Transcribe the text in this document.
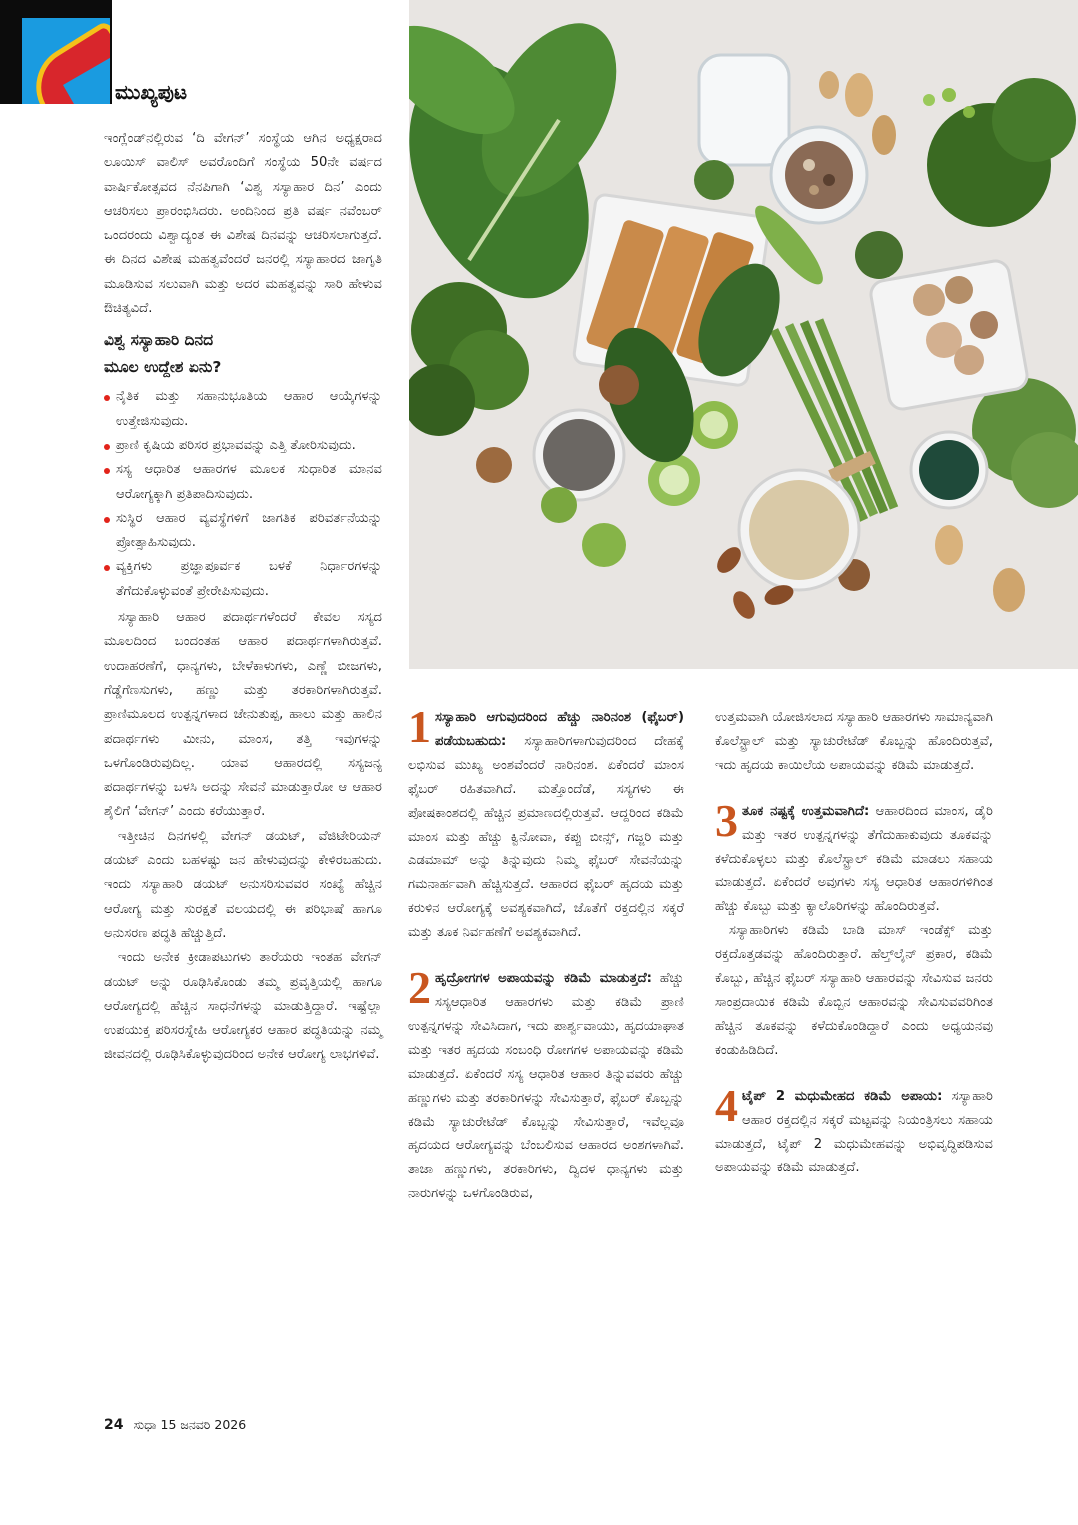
ಮುಖ್ಯಪುಟ

ಇಂಗ್ಲೆಂಡ್‌ನಲ್ಲಿರುವ ‘ದಿ ವೇಗನ್’ ಸಂಸ್ಥೆಯ ಆಗಿನ ಅಧ್ಯಕ್ಷರಾದ ಲೂಯಿಸ್ ವಾಲಿಸ್ ಅವರೊಂದಿಗೆ ಸಂಸ್ಥೆಯ 50ನೇ ವರ್ಷದ ವಾರ್ಷಿಕೋತ್ಸವದ ನೆನಪಿಗಾಗಿ ‘ವಿಶ್ವ ಸಸ್ಯಾಹಾರ ದಿನ’ ಎಂದು ಆಚರಿಸಲು ಪ್ರಾರಂಭಿಸಿದರು. ಅಂದಿನಿಂದ ಪ್ರತಿ ವರ್ಷ ನವೆಂಬರ್ ಒಂದರಂದು ವಿಶ್ವಾದ್ಯಂತ ಈ ವಿಶೇಷ ದಿನವನ್ನು ಆಚರಿಸಲಾಗುತ್ತದೆ. ಈ ದಿನದ ವಿಶೇಷ ಮಹತ್ವವೆಂದರೆ ಜನರಲ್ಲಿ ಸಸ್ಯಾಹಾರದ ಜಾಗೃತಿ ಮೂಡಿಸುವ ಸಲುವಾಗಿ ಮತ್ತು ಅದರ ಮಹತ್ವವನ್ನು ಸಾರಿ ಹೇಳುವ ಔಚಿತ್ಯವಿದೆ.

ವಿಶ್ವ ಸಸ್ಯಾಹಾರಿ ದಿನದ
ಮೂಲ ಉದ್ದೇಶ ಏನು?
ನೈತಿಕ ಮತ್ತು ಸಹಾನುಭೂತಿಯ ಆಹಾರ ಆಯ್ಕೆಗಳನ್ನು ಉತ್ತೇಜಿಸುವುದು.
ಪ್ರಾಣಿ ಕೃಷಿಯ ಪರಿಸರ ಪ್ರಭಾವವನ್ನು ಎತ್ತಿ ತೋರಿಸುವುದು.
ಸಸ್ಯ ಆಧಾರಿತ ಆಹಾರಗಳ ಮೂಲಕ ಸುಧಾರಿತ ಮಾನವ ಆರೋಗ್ಯಕ್ಕಾಗಿ ಪ್ರತಿಪಾದಿಸುವುದು.
ಸುಸ್ಥಿರ ಆಹಾರ ವ್ಯವಸ್ಥೆಗಳಿಗೆ ಜಾಗತಿಕ ಪರಿವರ್ತನೆಯನ್ನು ಪ್ರೋತ್ಸಾಹಿಸುವುದು.
ವ್ಯಕ್ತಿಗಳು ಪ್ರಜ್ಞಾಪೂರ್ವಕ ಬಳಕೆ ನಿರ್ಧಾರಗಳನ್ನು ತೆಗೆದುಕೊಳ್ಳುವಂತೆ ಪ್ರೇರೇಪಿಸುವುದು.

ಸಸ್ಯಾಹಾರಿ ಆಹಾರ ಪದಾರ್ಥಗಳೆಂದರೆ ಕೇವಲ ಸಸ್ಯದ ಮೂಲದಿಂದ ಬಂದಂತಹ ಆಹಾರ ಪದಾರ್ಥಗಳಾಗಿರುತ್ತವೆ. ಉದಾಹರಣೆಗೆ, ಧಾನ್ಯಗಳು, ಬೇಳೆಕಾಳುಗಳು, ಎಣ್ಣೆ ಬೀಜಗಳು, ಗೆಡ್ಡೆಗೆಣಸುಗಳು, ಹಣ್ಣು ಮತ್ತು ತರಕಾರಿಗಳಾಗಿರುತ್ತವೆ. ಪ್ರಾಣಿಮೂಲದ ಉತ್ಪನ್ನಗಳಾದ ಜೇನುತುಪ್ಪ, ಹಾಲು ಮತ್ತು ಹಾಲಿನ ಪದಾರ್ಥಗಳು ಮೀನು, ಮಾಂಸ, ತತ್ತಿ ಇವುಗಳನ್ನು ಒಳಗೊಂಡಿರುವುದಿಲ್ಲ. ಯಾವ ಆಹಾರದಲ್ಲಿ ಸಸ್ಯಜನ್ಯ ಪದಾರ್ಥಗಳನ್ನು ಬಳಸಿ ಅದನ್ನು ಸೇವನೆ ಮಾಡುತ್ತಾರೋ ಆ ಆಹಾರ ಶೈಲಿಗೆ ‘ವೇಗನ್’ ಎಂದು ಕರೆಯುತ್ತಾರೆ.

ಇತ್ತೀಚಿನ ದಿನಗಳಲ್ಲಿ ವೇಗನ್ ಡಯಟ್, ವೆಜಿಟೇರಿಯನ್ ಡಯಟ್ ಎಂದು ಬಹಳಷ್ಟು ಜನ ಹೇಳುವುದನ್ನು ಕೇಳಿರಬಹುದು. ಇಂದು ಸಸ್ಯಾಹಾರಿ ಡಯಟ್ ಅನುಸರಿಸುವವರ ಸಂಖ್ಯೆ ಹೆಚ್ಚಿನ ಆರೋಗ್ಯ ಮತ್ತು ಸುರಕ್ಷತೆ ವಲಯದಲ್ಲಿ ಈ ಪರಿಭಾಷೆ ಹಾಗೂ ಅನುಸರಣ ಪದ್ಧತಿ ಹೆಚ್ಚುತ್ತಿದೆ.

ಇಂದು ಅನೇಕ ಕ್ರೀಡಾಪಟುಗಳು ತಾರೆಯರು ಇಂತಹ ವೇಗನ್ ಡಯಟ್ ಅನ್ನು ರೂಢಿಸಿಕೊಂಡು ತಮ್ಮ ಪ್ರವೃತ್ತಿಯಲ್ಲಿ ಹಾಗೂ ಆರೋಗ್ಯದಲ್ಲಿ ಹೆಚ್ಚಿನ ಸಾಧನೆಗಳನ್ನು ಮಾಡುತ್ತಿದ್ದಾರೆ. ಇಷ್ಟೆಲ್ಲಾ ಉಪಯುಕ್ತ ಪರಿಸರಸ್ನೇಹಿ ಆರೋಗ್ಯಕರ ಆಹಾರ ಪದ್ಧತಿಯನ್ನು ನಮ್ಮ ಜೀವನದಲ್ಲಿ ರೂಢಿಸಿಕೊಳ್ಳುವುದರಿಂದ ಅನೇಕ ಆರೋಗ್ಯ ಲಾಭಗಳಿವೆ.

1 ಸಸ್ಯಾಹಾರಿ ಆಗುವುದರಿಂದ ಹೆಚ್ಚು ನಾರಿನಂಶ (ಫೈಬರ್) ಪಡೆಯಬಹುದು: ಸಸ್ಯಾಹಾರಿಗಳಾಗುವುದರಿಂದ ದೇಹಕ್ಕೆ ಲಭಿಸುವ ಮುಖ್ಯ ಅಂಶವೆಂದರೆ ನಾರಿನಂಶ. ಏಕೆಂದರೆ ಮಾಂಸ ಫೈಬರ್ ರಹಿತವಾಗಿದೆ. ಮತ್ತೊಂದೆಡೆ, ಸಸ್ಯಗಳು ಈ ಪೋಷಕಾಂಶದಲ್ಲಿ ಹೆಚ್ಚಿನ ಪ್ರಮಾಣದಲ್ಲಿರುತ್ತವೆ. ಆದ್ದರಿಂದ ಕಡಿಮೆ ಮಾಂಸ ಮತ್ತು ಹೆಚ್ಚು ಕ್ವಿನೋವಾ, ಕಪ್ಪು ಬೀನ್ಸ್, ಗಜ್ಜರಿ ಮತ್ತು ಎಡಮಾಮ್ ಅನ್ನು ತಿನ್ನುವುದು ನಿಮ್ಮ ಫೈಬರ್ ಸೇವನೆಯನ್ನು ಗಮನಾರ್ಹವಾಗಿ ಹೆಚ್ಚಿಸುತ್ತದೆ. ಆಹಾರದ ಫೈಬರ್ ಹೃದಯ ಮತ್ತು ಕರುಳಿನ ಆರೋಗ್ಯಕ್ಕೆ ಅವಶ್ಯಕವಾಗಿದೆ, ಜೊತೆಗೆ ರಕ್ತದಲ್ಲಿನ ಸಕ್ಕರೆ ಮತ್ತು ತೂಕ ನಿರ್ವಹಣೆಗೆ ಅವಶ್ಯಕವಾಗಿದೆ.

2 ಹೃದ್ರೋಗಗಳ ಅಪಾಯವನ್ನು ಕಡಿಮೆ ಮಾಡುತ್ತದೆ: ಹೆಚ್ಚು ಸಸ್ಯಆಧಾರಿತ ಆಹಾರಗಳು ಮತ್ತು ಕಡಿಮೆ ಪ್ರಾಣಿ ಉತ್ಪನ್ನಗಳನ್ನು ಸೇವಿಸಿದಾಗ, ಇದು ಪಾರ್ಶ್ವವಾಯು, ಹೃದಯಾಘಾತ ಮತ್ತು ಇತರ ಹೃದಯ ಸಂಬಂಧಿ ರೋಗಗಳ ಅಪಾಯವನ್ನು ಕಡಿಮೆ ಮಾಡುತ್ತದೆ. ಏಕೆಂದರೆ ಸಸ್ಯ ಆಧಾರಿತ ಆಹಾರ ತಿನ್ನುವವರು ಹೆಚ್ಚು ಹಣ್ಣುಗಳು ಮತ್ತು ತರಕಾರಿಗಳನ್ನು ಸೇವಿಸುತ್ತಾರೆ, ಫೈಬರ್ ಕೊಬ್ಬನ್ನು ಕಡಿಮೆ ಸ್ಯಾಚುರೇಟೆಡ್ ಕೊಬ್ಬನ್ನು ಸೇವಿಸುತ್ತಾರೆ, ಇವೆಲ್ಲವೂ ಹೃದಯದ ಆರೋಗ್ಯವನ್ನು ಬೆಂಬಲಿಸುವ ಆಹಾರದ ಅಂಶಗಳಾಗಿವೆ. ತಾಜಾ ಹಣ್ಣುಗಳು, ತರಕಾರಿಗಳು, ದ್ವಿದಳ ಧಾನ್ಯಗಳು ಮತ್ತು ನಾರುಗಳನ್ನು ಒಳಗೊಂಡಿರುವ,

ಉತ್ತಮವಾಗಿ ಯೋಜಿಸಲಾದ ಸಸ್ಯಾಹಾರಿ ಆಹಾರಗಳು ಸಾಮಾನ್ಯವಾಗಿ ಕೊಲೆಸ್ಟ್ರಾಲ್ ಮತ್ತು ಸ್ಯಾಚುರೇಟೆಡ್ ಕೊಬ್ಬನ್ನು ಹೊಂದಿರುತ್ತವೆ, ಇದು ಹೃದಯ ಕಾಯಿಲೆಯ ಅಪಾಯವನ್ನು ಕಡಿಮೆ ಮಾಡುತ್ತದೆ.

3 ತೂಕ ನಷ್ಟಕ್ಕೆ ಉತ್ತಮವಾಗಿದೆ: ಆಹಾರದಿಂದ ಮಾಂಸ, ಡೈರಿ ಮತ್ತು ಇತರ ಉತ್ಪನ್ನಗಳನ್ನು ತೆಗೆದುಹಾಕುವುದು ತೂಕವನ್ನು ಕಳೆದುಕೊಳ್ಳಲು ಮತ್ತು ಕೊಲೆಸ್ಟ್ರಾಲ್ ಕಡಿಮೆ ಮಾಡಲು ಸಹಾಯ ಮಾಡುತ್ತದೆ. ಏಕೆಂದರೆ ಅವುಗಳು ಸಸ್ಯ ಆಧಾರಿತ ಆಹಾರಗಳಿಗಿಂತ ಹೆಚ್ಚು ಕೊಬ್ಬು ಮತ್ತು ಕ್ಯಾಲೊರಿಗಳನ್ನು ಹೊಂದಿರುತ್ತವೆ.

ಸಸ್ಯಾಹಾರಿಗಳು ಕಡಿಮೆ ಬಾಡಿ ಮಾಸ್ ಇಂಡೆಕ್ಸ್ ಮತ್ತು ರಕ್ತದೊತ್ತಡವನ್ನು ಹೊಂದಿರುತ್ತಾರೆ. ಹೆಲ್ತ್‌ಲೈನ್ ಪ್ರಕಾರ, ಕಡಿಮೆ ಕೊಬ್ಬು, ಹೆಚ್ಚಿನ ಫೈಬರ್ ಸಸ್ಯಾಹಾರಿ ಆಹಾರವನ್ನು ಸೇವಿಸುವ ಜನರು ಸಾಂಪ್ರದಾಯಿಕ ಕಡಿಮೆ ಕೊಬ್ಬಿನ ಆಹಾರವನ್ನು ಸೇವಿಸುವವರಿಗಿಂತ ಹೆಚ್ಚಿನ ತೂಕವನ್ನು ಕಳೆದುಕೊಂಡಿದ್ದಾರೆ ಎಂದು ಅಧ್ಯಯನವು ಕಂಡುಹಿಡಿದಿದೆ.

4 ಟೈಪ್ 2 ಮಧುಮೇಹದ ಕಡಿಮೆ ಅಪಾಯ: ಸಸ್ಯಾಹಾರಿ ಆಹಾರ ರಕ್ತದಲ್ಲಿನ ಸಕ್ಕರೆ ಮಟ್ಟವನ್ನು ನಿಯಂತ್ರಿಸಲು ಸಹಾಯ ಮಾಡುತ್ತದೆ, ಟೈಪ್ 2 ಮಧುಮೇಹವನ್ನು ಅಭಿವೃದ್ಧಿಪಡಿಸುವ ಅಪಾಯವನ್ನು ಕಡಿಮೆ ಮಾಡುತ್ತದೆ.

24 ಸುಧಾ 15 ಜನವರಿ 2026
